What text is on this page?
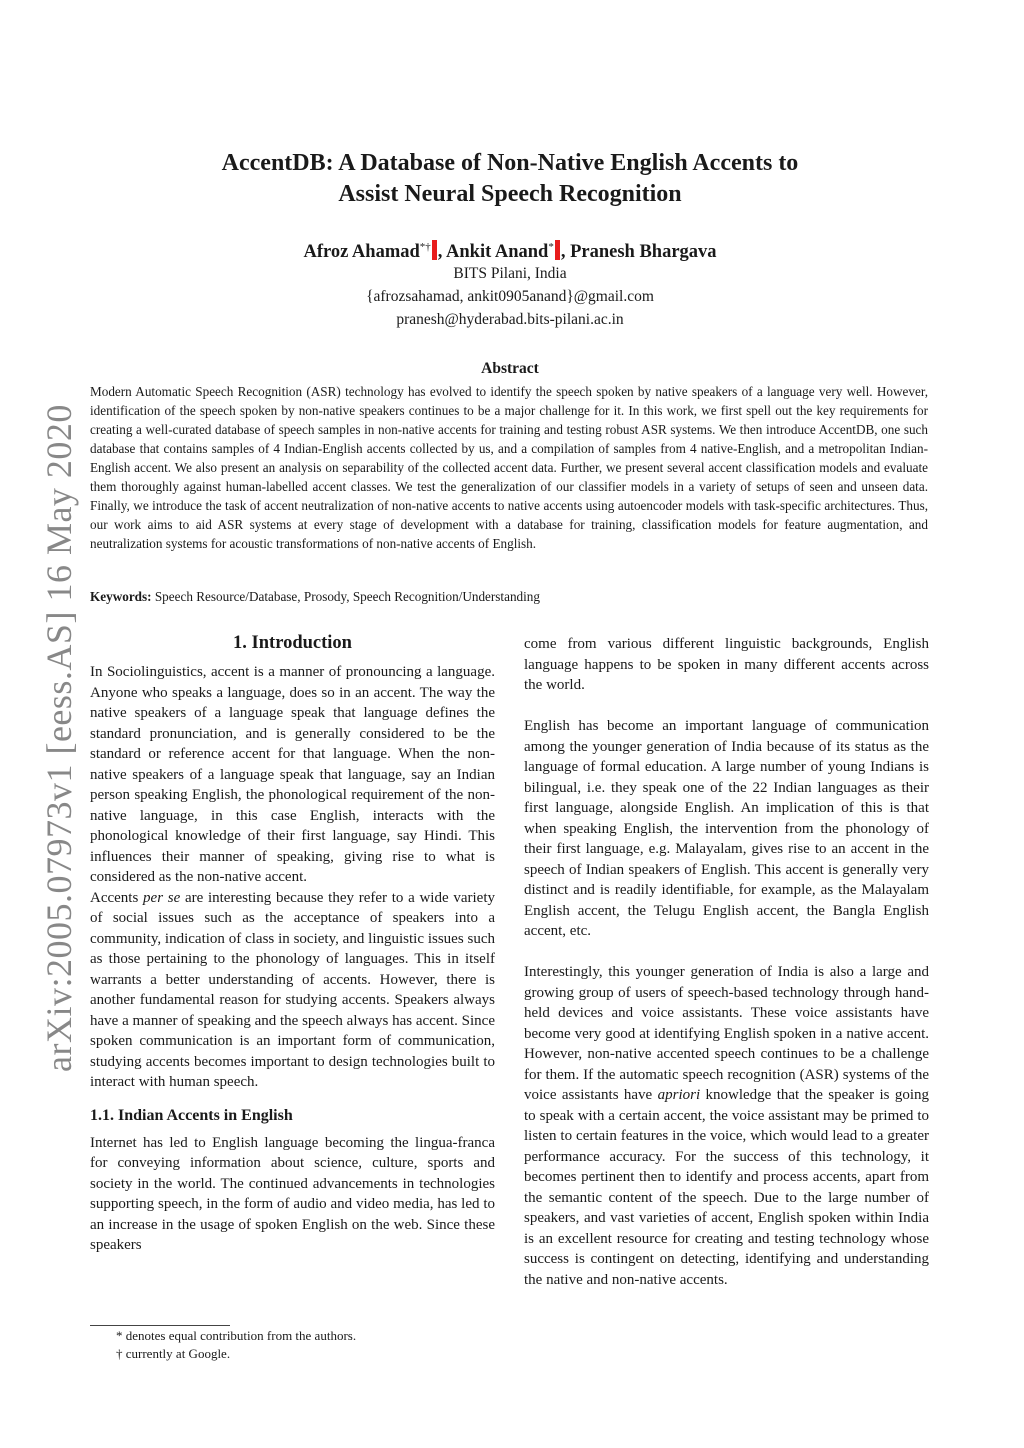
arXiv:2005.07973v1 [eess.AS] 16 May 2020
AccentDB: A Database of Non-Native English Accents to
Assist Neural Speech Recognition
Afroz Ahamad*† , Ankit Anand* , Pranesh Bhargava
BITS Pilani, India
{afrozsahamad, ankit0905anand}@gmail.com
pranesh@hyderabad.bits-pilani.ac.in
Abstract
Modern Automatic Speech Recognition (ASR) technology has evolved to identify the speech spoken by native speakers of a language very well. However, identification of the speech spoken by non-native speakers continues to be a major challenge for it. In this work, we first spell out the key requirements for creating a well-curated database of speech samples in non-native accents for training and testing robust ASR systems. We then introduce AccentDB, one such database that contains samples of 4 Indian-English accents collected by us, and a compilation of samples from 4 native-English, and a metropolitan Indian-English accent. We also present an analysis on separability of the collected accent data. Further, we present several accent classification models and evaluate them thoroughly against human-labelled accent classes. We test the generalization of our classifier models in a variety of setups of seen and unseen data. Finally, we introduce the task of accent neutralization of non-native accents to native accents using autoencoder models with task-specific architectures. Thus, our work aims to aid ASR systems at every stage of development with a database for training, classification models for feature augmentation, and neutralization systems for acoustic transformations of non-native accents of English.
Keywords: Speech Resource/Database, Prosody, Speech Recognition/Understanding
1. Introduction

In Sociolinguistics, accent is a manner of pronouncing a language. Anyone who speaks a language, does so in an accent. The way the native speakers of a language speak that language defines the standard pronunciation, and is generally considered to be the standard or reference accent for that language. When the non-native speakers of a language speak that language, say an Indian person speaking English, the phonological requirement of the non-native language, in this case English, interacts with the phonological knowledge of their first language, say Hindi. This influences their manner of speaking, giving rise to what is considered as the non-native accent.

Accents per se are interesting because they refer to a wide variety of social issues such as the acceptance of speakers into a community, indication of class in society, and linguistic issues such as those pertaining to the phonology of languages. This in itself warrants a better understanding of accents. However, there is another fundamental reason for studying accents. Speakers always have a manner of speaking and the speech always has accent. Since spoken communication is an important form of communication, studying accents becomes important to design technologies built to interact with human speech.

1.1. Indian Accents in English

Internet has led to English language becoming the lingua-franca for conveying information about science, culture, sports and society in the world. The continued advancements in technologies supporting speech, in the form of audio and video media, has led to an increase in the usage of spoken English on the web. Since these speakers

come from various different linguistic backgrounds, English language happens to be spoken in many different accents across the world.

English has become an important language of communication among the younger generation of India because of its status as the language of formal education. A large number of young Indians is bilingual, i.e. they speak one of the 22 Indian languages as their first language, alongside English. An implication of this is that when speaking English, the intervention from the phonology of their first language, e.g. Malayalam, gives rise to an accent in the speech of Indian speakers of English. This accent is generally very distinct and is readily identifiable, for example, as the Malayalam English accent, the Telugu English accent, the Bangla English accent, etc.

Interestingly, this younger generation of India is also a large and growing group of users of speech-based technology through hand-held devices and voice assistants. These voice assistants have become very good at identifying English spoken in a native accent. However, non-native accented speech continues to be a challenge for them. If the automatic speech recognition (ASR) systems of the voice assistants have apriori knowledge that the speaker is going to speak with a certain accent, the voice assistant may be primed to listen to certain features in the voice, which would lead to a greater performance accuracy. For the success of this technology, it becomes pertinent then to identify and process accents, apart from the semantic content of the speech. Due to the large number of speakers, and vast varieties of accent, English spoken within India is an excellent resource for creating and testing technology whose success is contingent on detecting, identifying and understanding the native and non-native accents.

* denotes equal contribution from the authors.
† currently at Google.
